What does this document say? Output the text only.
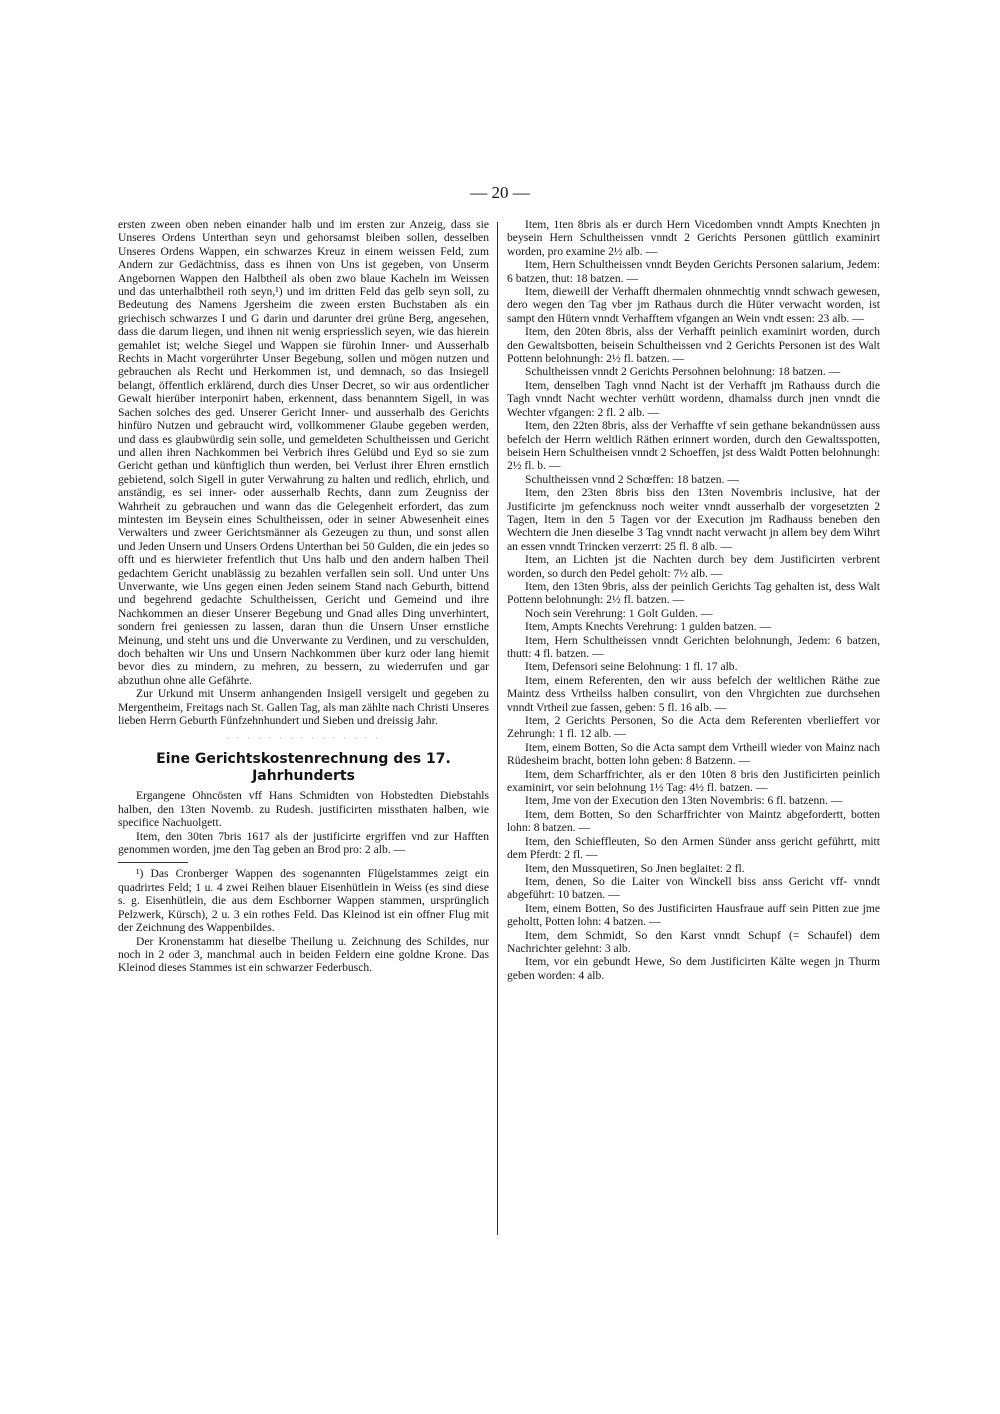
— 20 —

ersten zween oben neben einander halb und im ersten zur Anzeig, dass sie Unseres Ordens Unterthan seyn und gehorsamst bleiben sollen, desselben Unseres Ordens Wappen, ein schwarzes Kreuz in einem weissen Feld, zum Andern zur Gedächtniss, dass es ihnen von Uns ist gegeben, von Unserm Angebornen Wappen den Halbtheil als oben zwo blaue Kacheln im Weissen und das unterhalbtheil roth seyn,¹) und im dritten Feld das gelb seyn soll, zu Bedeutung des Namens Jgersheim die zween ersten Buchstaben als ein griechisch schwarzes I und G darin und darunter drei grüne Berg, angesehen, dass die darum liegen, und ihnen nit wenig erspriesslich seyen, wie das hierein gemahlet ist; welche Siegel und Wappen sie fürohin Inner- und Ausserhalb Rechts in Macht vorgerührter Unser Begebung, sollen und mögen nutzen und gebrauchen als Recht und Herkommen ist, und demnach, so das Insiegell belangt, öffentlich erklärend, durch dies Unser Decret, so wir aus ordentlicher Gewalt hierüber interponirt haben, erkennent, dass benanntem Sigell, in was Sachen solches des ged. Unserer Gericht Inner- und ausserhalb des Gerichts hinfüro Nutzen und gebraucht wird, vollkommener Glaube gegeben werden, und dass es glaubwürdig sein solle, und gemeldeten Schultheissen und Gericht und allen ihren Nachkommen bei Verbrich ihres Gelübd und Eyd so sie zum Gericht gethan und künftiglich thun werden, bei Verlust ihrer Ehren ernstlich gebietend, solch Sigell in guter Verwahrung zu halten und redlich, ehrlich, und anständig, es sei inner- oder ausserhalb Rechts, dann zum Zeugniss der Wahrheit zu gebrauchen und wann das die Gelegenheit erfordert, das zum mintesten im Beysein eines Schultheissen, oder in seiner Abwesenheit eines Verwalters und zweer Gerichtsmänner als Gezeugen zu thun, und sonst allen und Jeden Unsern und Unsers Ordens Unterthan bei 50 Gulden, die ein jedes so offt und es hierwieter frefentlich thut Uns halb und den andern halben Theil gedachtem Gericht unablässig zu bezahlen verfallen sein soll. Und unter Uns Unverwante, wie Uns gegen einen Jeden seinem Stand nach Geburth, bittend und begehrend gedachte Schultheissen, Gericht und Gemeind und ihre Nachkommen an dieser Unserer Begebung und Gnad alles Ding unverhintert, sondern frei geniessen zu lassen, daran thun die Unsern Unser ernstliche Meinung, und steht uns und die Unverwante zu Verdinen, und zu verschulden, doch behalten wir Uns und Unsern Nachkommen über kurz oder lang hiemit bevor dies zu mindern, zu mehren, zu bessern, zu wiederrufen und gar abzuthun ohne alle Gefährte.

Zur Urkund mit Unserm anhangenden Insigell versigelt und gegeben zu Mergentheim, Freitags nach St. Gallen Tag, als man zählte nach Christi Unseres lieben Herrn Geburth Fünfzehnhundert und Sieben und dreissig Jahr.

· · · · · · · · · · · · · · ·
Eine Gerichtskostenrechnung des 17. Jahrhunderts

Ergangene Ohncösten vff Hans Schmidten von Hobstedten Diebstahls halben, den 13ten Novemb. zu Rudesh. justificirten missthaten halben, wie specifice Nachuolgett.

Item, den 30ten 7bris 1617 als der justificirte ergriffen vnd zur Hafften genommen worden, jme den Tag geben an Brod pro: 2 alb. —

¹) Das Cronberger Wappen des sogenannten Flügelstammes zeigt ein quadrirtes Feld; 1 u. 4 zwei Reihen blauer Eisenhütlein in Weiss (es sind diese s. g. Eisenhütlein, die aus dem Eschborner Wappen stammen, ursprünglich Pelzwerk, Kürsch), 2 u. 3 ein rothes Feld. Das Kleinod ist ein offner Flug mit der Zeichnung des Wappenbildes.

Der Kronenstamm hat dieselbe Theilung u. Zeichnung des Schildes, nur noch in 2 oder 3, manchmal auch in beiden Feldern eine goldne Krone. Das Kleinod dieses Stammes ist ein schwarzer Federbusch.

Item, 1ten 8bris als er durch Hern Vicedomben vnndt Ampts Knechten jn beysein Hern Schultheissen vnndt 2 Gerichts Personen güttlich examinirt worden, pro examine 2½ alb. —

Item, Hern Schultheissen vnndt Beyden Gerichts Personen salarium, Jedem: 6 batzen, thut: 18 batzen. —

Item, dieweill der Verhafft dhermalen ohnmechtig vnndt schwach gewesen, dero wegen den Tag vber jm Rathaus durch die Hüter verwacht worden, ist sampt den Hütern vnndt Verhafftem vfgangen an Wein vndt essen: 23 alb. —

Item, den 20ten 8bris, alss der Verhafft peinlich examinirt worden, durch den Gewaltsbotten, beisein Schultheissen vnd 2 Gerichts Personen ist des Walt Pottenn belohnungh: 2½ fl. batzen. —

Schultheissen vnndt 2 Gerichts Persohnen belohnung: 18 batzen. —

Item, denselben Tagh vnnd Nacht ist der Verhafft jm Rathauss durch die Tagh vnndt Nacht wechter verhütt wordenn, dhamalss durch jnen vnndt die Wechter vfgangen: 2 fl. 2 alb. —

Item, den 22ten 8bris, alss der Verhaffte vf sein gethane bekandnüssen auss befelch der Herrn weltlich Räthen erinnert worden, durch den Gewaltsspotten, beisein Hern Schultheisen vnndt 2 Schoeffen, jst dess Waldt Potten belohnungh: 2½ fl. b. —

Schultheissen vnnd 2 Schœffen: 18 batzen. —

Item, den 23ten 8bris biss den 13ten Novembris inclusive, hat der Justificirte jm gefencknuss noch weiter vnndt ausserhalb der vorgesetzten 2 Tagen, Item in den 5 Tagen vor der Execution jm Radhauss beneben den Wechtern die Jnen dieselbe 3 Tag vnndt nacht verwacht jn allem bey dem Wihrt an essen vnndt Trincken verzerrt: 25 fl. 8 alb. —

Item, an Lichten jst die Nachten durch bey dem Justificirten verbrent worden, so durch den Pedel geholt: 7½ alb. —

Item, den 13ten 9bris, alss der peinlich Gerichts Tag gehalten ist, dess Walt Pottenn belohnungh: 2½ fl. batzen. —

Noch sein Verehrung: 1 Golt Gulden. —

Item, Ampts Knechts Verehrung: 1 gulden batzen. —

Item, Hern Schultheissen vnndt Gerichten belohnungh, Jedem: 6 batzen, thutt: 4 fl. batzen. —

Item, Defensori seine Belohnung: 1 fl. 17 alb.

Item, einem Referenten, den wir auss befelch der weltlichen Räthe zue Maintz dess Vrtheilss halben consulirt, von den Vhrgichten zue durchsehen vnndt Vrtheil zue fassen, geben: 5 fl. 16 alb. —

Item, 2 Gerichts Personen, So die Acta dem Referenten vberlieffert vor Zehrungh: 1 fl. 12 alb. —

Item, einem Botten, So die Acta sampt dem Vrtheill wieder von Mainz nach Rüdesheim bracht, botten lohn geben: 8 Batzenn. —

Item, dem Scharffrichter, als er den 10ten 8 bris den Justificirten peinlich examinirt, vor sein belohnung 1½ Tag: 4½ fl. batzen. —

Item, Jme von der Execution den 13ten Novembris: 6 fl. batzenn. —

Item, dem Botten, So den Scharffrichter von Maintz abgefordertt, botten lohn: 8 batzen. —

Item, den Schieffleuten, So den Armen Sünder anss gericht geführtt, mitt dem Pferdt: 2 fl. —

Item, den Mussquetiren, So Jnen beglaitet: 2 fl.

Item, denen, So die Laiter von Winckell biss anss Gericht vff- vnndt abgeführt: 10 batzen. —

Item, einem Botten, So des Justificirten Hausfraue auff sein Pitten zue jme geholtt, Potten lohn: 4 batzen. —

Item, dem Schmidt, So den Karst vnndt Schupf (= Schaufel) dem Nachrichter gelehnt: 3 alb.

Item, vor ein gebundt Hewe, So dem Justificirten Kälte wegen jn Thurm geben worden: 4 alb.
